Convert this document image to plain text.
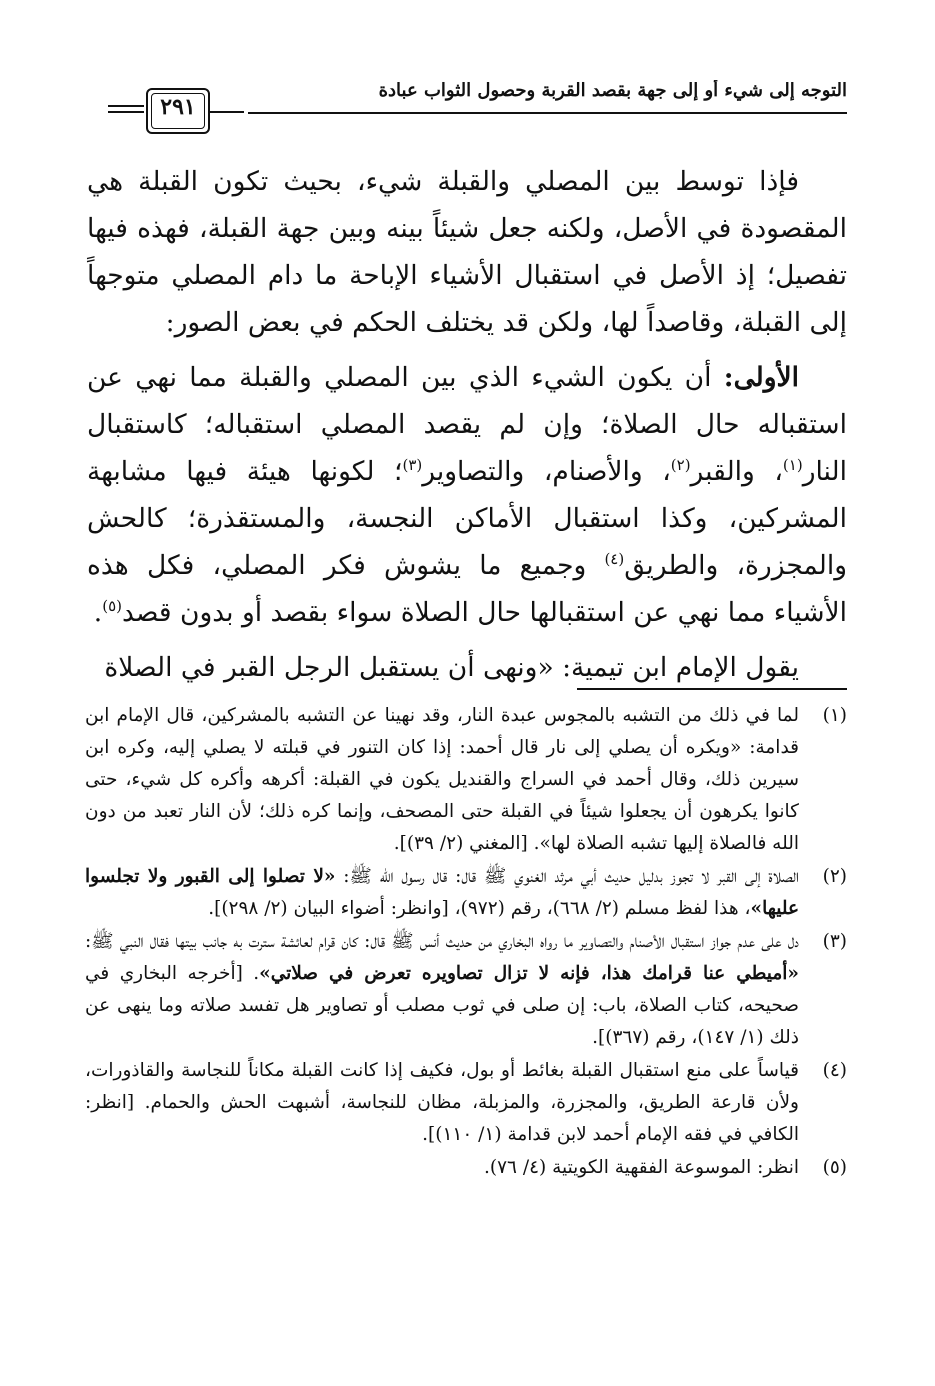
التوجه إلى شيء أو إلى جهة بقصد القربة وحصول الثواب عبادة
٢٩١

فإذا توسط بين المصلي والقبلة شيء، بحيث تكون القبلة هي المقصودة في الأصل، ولكنه جعل شيئاً بينه وبين جهة القبلة، فهذه فيها تفصيل؛ إذ الأصل في استقبال الأشياء الإباحة ما دام المصلي متوجهاً إلى القبلة، وقاصداً لها، ولكن قد يختلف الحكم في بعض الصور:

الأولى: أن يكون الشيء الذي بين المصلي والقبلة مما نهي عن استقباله حال الصلاة؛ وإن لم يقصد المصلي استقباله؛ كاستقبال النار$^{(١)}$، والقبر$^{(٢)}$، والأصنام، والتصاوير$^{(٣)}$؛ لكونها هيئة فيها مشابهة المشركين، وكذا استقبال الأماكن النجسة، والمستقذرة؛ كالحش والمجزرة، والطريق$^{(٤)}$ وجميع ما يشوش فكر المصلي، فكل هذه الأشياء مما نهي عن استقبالها حال الصلاة سواء بقصد أو بدون قصد$^{(٥)}$.

يقول الإمام ابن تيمية: «ونهى أن يستقبل الرجل القبر في الصلاة

(١)
لما في ذلك من التشبه بالمجوس عبدة النار، وقد نهينا عن التشبه بالمشركين، قال الإمام ابن قدامة: «ويكره أن يصلي إلى نار قال أحمد: إذا كان التنور في قبلته لا يصلي إليه، وكره ابن سيرين ذلك، وقال أحمد في السراج والقنديل يكون في القبلة: أكرهه وأكره كل شيء، حتى كانوا يكرهون أن يجعلوا شيئاً في القبلة حتى المصحف، وإنما كره ذلك؛ لأن النار تعبد من دون الله فالصلاة إليها تشبه الصلاة لها». [المغني (٢/ ٣٩)].
(٢)
الصلاة إلى القبر لا تجوز بدليل حديث أبي مرثد الغنوي ﷺ قال: قال رسول الله ﷺ: «لا تصلوا إلى القبور ولا تجلسوا عليها»، هذا لفظ مسلم (٢/ ٦٦٨)، رقم (٩٧٢)، [وانظر: أضواء البيان (٢/ ٢٩٨)].
(٣)
دل على عدم جواز استقبال الأصنام والتصاوير ما رواه البخاري من حديث أنس ﷺ قال: كان قرام لعائشة سترت به جانب بيتها فقال النبي ﷺ: «أميطي عنا قرامك هذا، فإنه لا تزال تصاويره تعرض في صلاتي». [أخرجه البخاري في صحيحه، كتاب الصلاة، باب: إن صلى في ثوب مصلب أو تصاوير هل تفسد صلاته وما ينهى عن ذلك (١/ ١٤٧)، رقم (٣٦٧)].
(٤)
قياساً على منع استقبال القبلة بغائط أو بول، فكيف إذا كانت القبلة مكاناً للنجاسة والقاذورات، ولأن قارعة الطريق، والمجزرة، والمزبلة، مظان للنجاسة، أشبهت الحش والحمام. [انظر: الكافي في فقه الإمام أحمد لابن قدامة (١/ ١١٠)].
(٥)
انظر: الموسوعة الفقهية الكويتية (٤/ ٧٦).
